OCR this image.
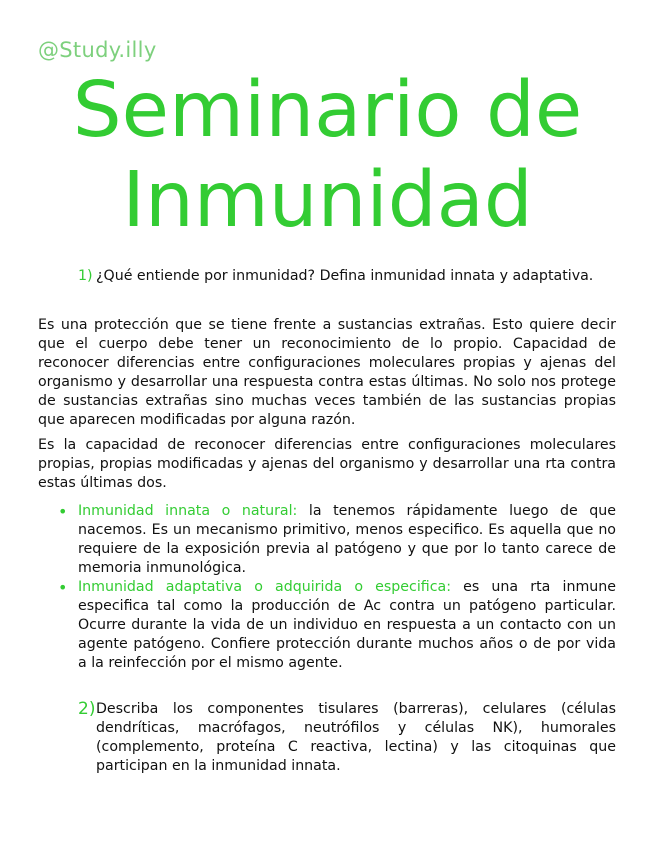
@Study.illy
Seminario de
Inmunidad
1) ¿Qué entiende por inmunidad? Defina inmunidad innata y adaptativa.
Es una protección que se tiene frente a sustancias extrañas. Esto quiere decir que el cuerpo debe tener un reconocimiento de lo propio. Capacidad de reconocer diferencias entre configuraciones moleculares propias y ajenas del organismo y desarrollar una respuesta contra estas últimas. No solo nos protege de sustancias extrañas sino muchas veces también de las sustancias propias que aparecen modificadas por alguna razón.
Es la capacidad de reconocer diferencias entre configuraciones moleculares propias, propias modificadas y ajenas del organismo y desarrollar una rta contra estas últimas dos.
• Inmunidad innata o natural: la tenemos rápidamente luego de que nacemos. Es un mecanismo primitivo, menos especifico. Es aquella que no requiere de la exposición previa al patógeno y que por lo tanto carece de memoria inmunológica.
• Inmunidad adaptativa o adquirida o especifica: es una rta inmune especifica tal como la producción de Ac contra un patógeno particular. Ocurre durante la vida de un individuo en respuesta a un contacto con un agente patógeno. Confiere protección durante muchos años o de por vida a la reinfección por el mismo agente.
2) Describa los componentes tisulares (barreras), celulares (células dendríticas, macrófagos, neutrófilos y células NK), humorales (complemento, proteína C reactiva, lectina) y las citoquinas que participan en la inmunidad innata.
